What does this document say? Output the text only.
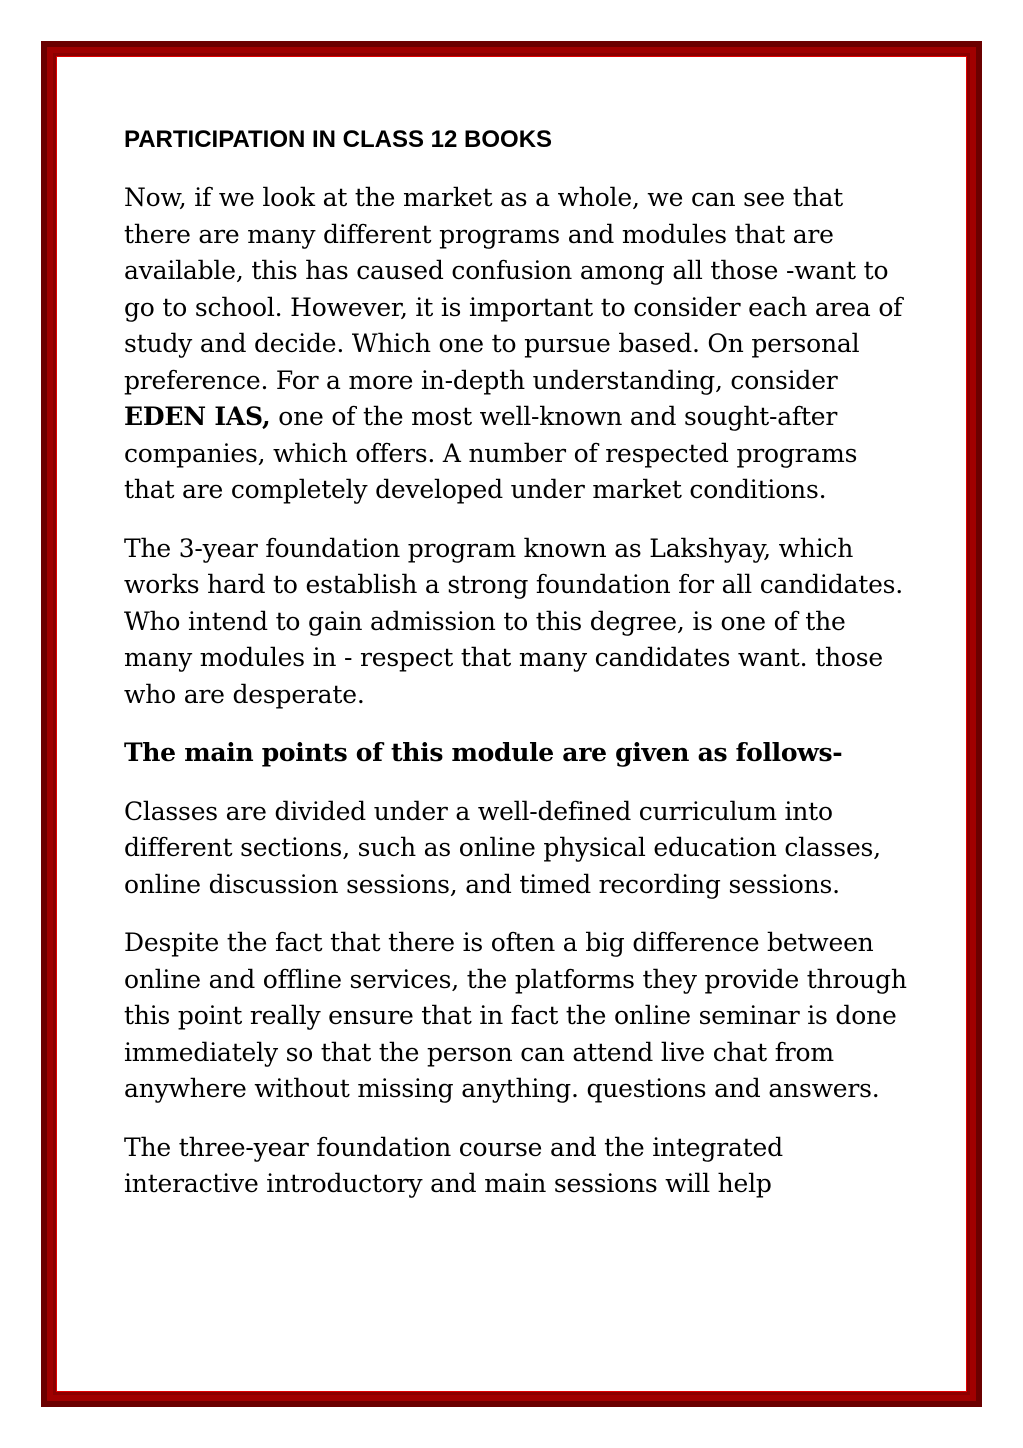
PARTICIPATION IN CLASS 12 BOOKS

Now, if we look at the market as a whole, we can see that there are many different programs and modules that are available, this has caused confusion among all those -want to go to school. However, it is important to consider each area of study and decide. Which one to pursue based. On personal preference. For a more in-depth understanding, consider EDEN IAS, one of the most well-known and sought-after companies, which offers. A number of respected programs that are completely developed under market conditions.

The 3-year foundation program known as Lakshyay, which works hard to establish a strong foundation for all candidates. Who intend to gain admission to this degree, is one of the many modules in - respect that many candidates want. those who are desperate.

The main points of this module are given as follows-

Classes are divided under a well-defined curriculum into different sections, such as online physical education classes, online discussion sessions, and timed recording sessions.

Despite the fact that there is often a big difference between online and offline services, the platforms they provide through this point really ensure that in fact the online seminar is done immediately so that the person can attend live chat from anywhere without missing anything. questions and answers.

The three-year foundation course and the integrated interactive introductory and main sessions will help
